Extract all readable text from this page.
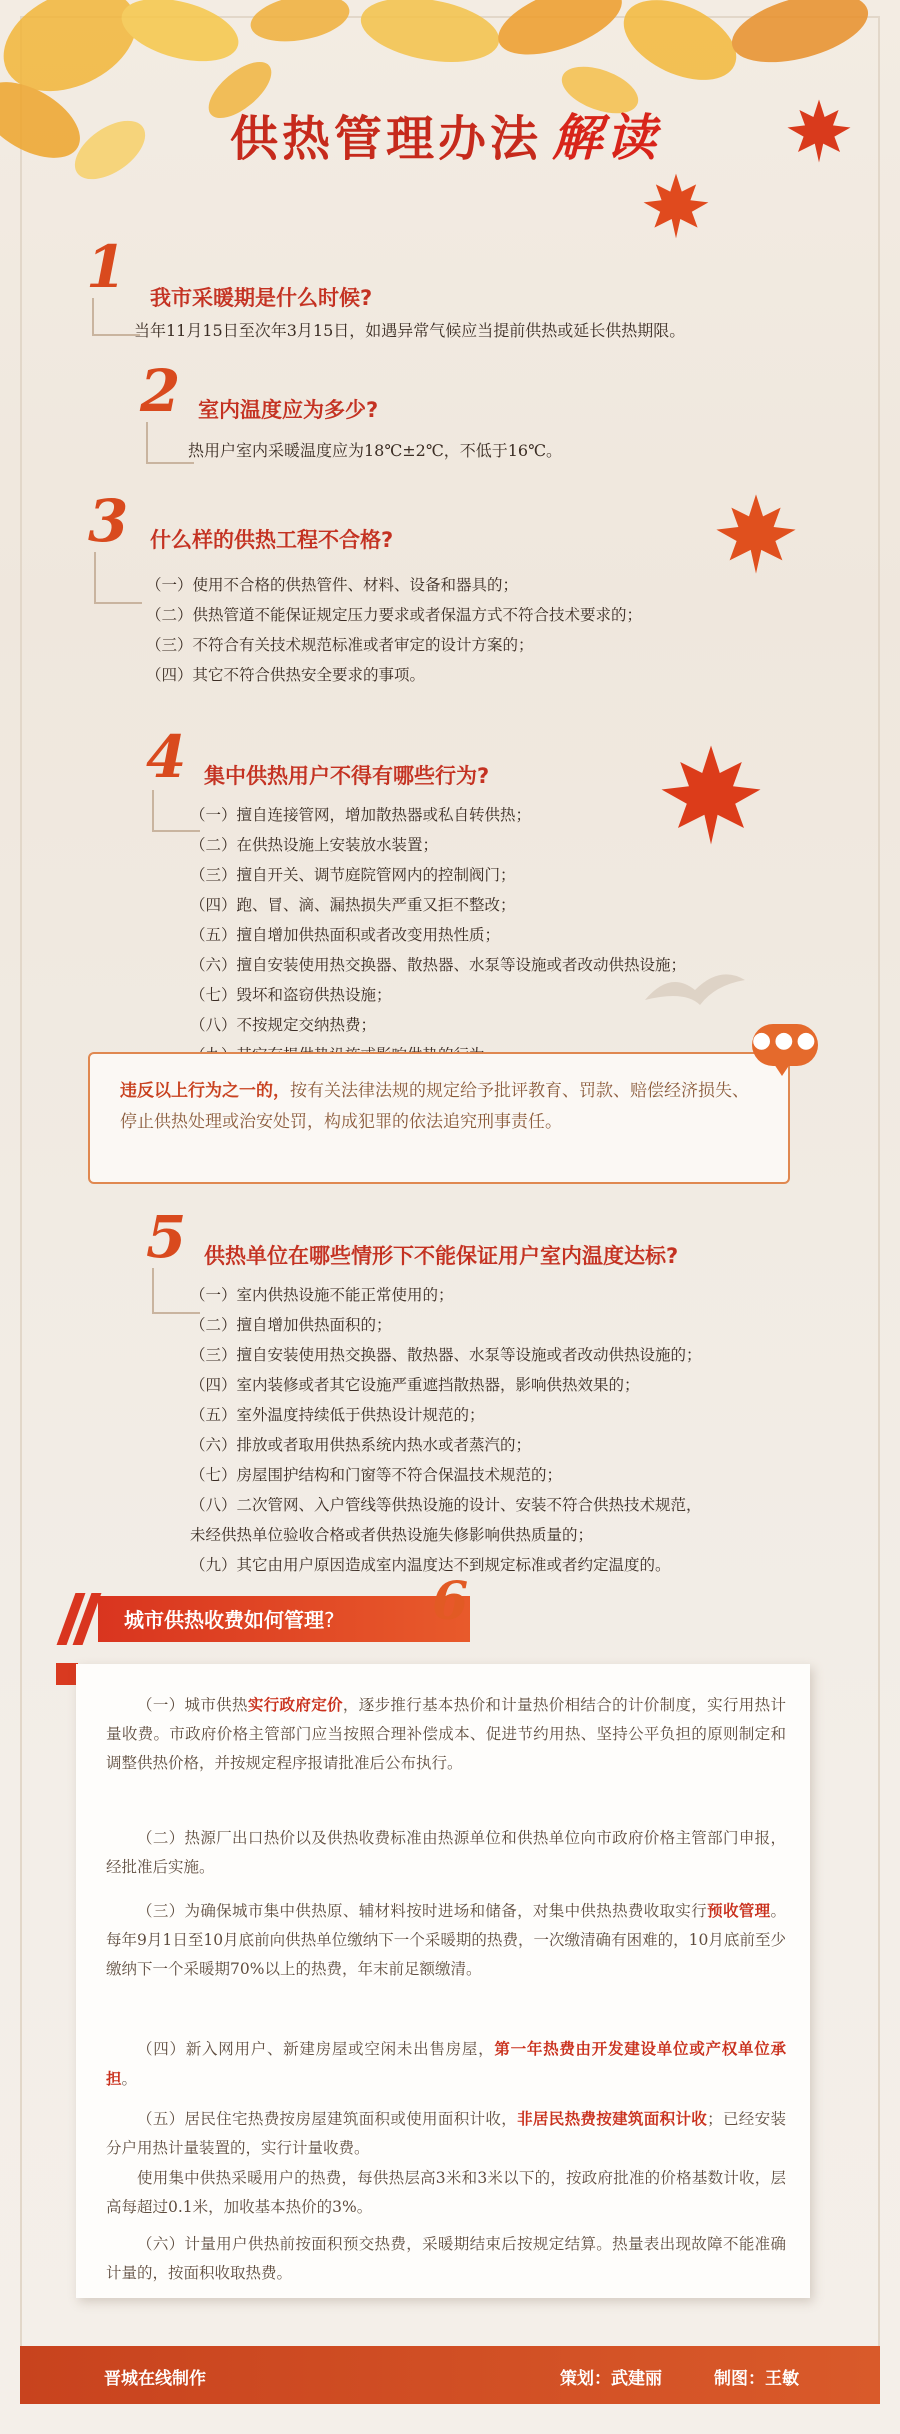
供热管理办法 解读
1 我市采暖期是什么时候?
当年11月15日至次年3月15日，如遇异常气候应当提前供热或延长供热期限。
2 室内温度应为多少?
热用户室内采暖温度应为18℃±2℃，不低于16℃。
3 什么样的供热工程不合格?
（一）使用不合格的供热管件、材料、设备和器具的；
（二）供热管道不能保证规定压力要求或者保温方式不符合技术要求的；
（三）不符合有关技术规范标准或者审定的设计方案的；
（四）其它不符合供热安全要求的事项。
4 集中供热用户不得有哪些行为?
（一）擅自连接管网，增加散热器或私自转供热；
（二）在供热设施上安装放水装置；
（三）擅自开关、调节庭院管网内的控制阀门；
（四）跑、冒、滴、漏热损失严重又拒不整改；
（五）擅自增加供热面积或者改变用热性质；
（六）擅自安装使用热交换器、散热器、水泵等设施或者改动供热设施；
（七）毁坏和盗窃供热设施；
（八）不按规定交纳热费；
违反以上行为之一的，按有关法律法规的规定给予批评教育、罚款、赔偿经济损失、停止供热处理或治安处罚，构成犯罪的依法追究刑事责任。
●●●
5 供热单位在哪些情形下不能保证用户室内温度达标?
（一）室内供热设施不能正常使用的；
（二）擅自增加供热面积的；
（三）擅自安装使用热交换器、散热器、水泵等设施或者改动供热设施的；
（四）室内装修或者其它设施严重遮挡散热器，影响供热效果的；
（五）室外温度持续低于供热设计规范的；
（六）排放或者取用供热系统内热水或者蒸汽的；
（七）房屋围护结构和门窗等不符合保温技术规范的；
（八）二次管网、入户管线等供热设施的设计、安装不符合供热技术规范，
未经供热单位验收合格或者供热设施失修影响供热质量的；
（九）其它由用户原因造成室内温度达不到规定标准或者约定温度的。
城市供热收费如何管理? 6

（一）城市供热实行政府定价，逐步推行基本热价和计量热价相结合的计价制度，实行用热计量收费。市政府价格主管部门应当按照合理补偿成本、促进节约用热、坚持公平负担的原则制定和调整供热价格，并按规定程序报请批准后公布执行。

（二）热源厂出口热价以及供热收费标准由热源单位和供热单位向市政府价格主管部门申报，经批准后实施。

（三）为确保城市集中供热原、辅材料按时进场和储备，对集中供热热费收取实行预收管理。每年9月1日至10月底前向供热单位缴纳下一个采暖期的热费，一次缴清确有困难的，10月底前至少缴纳下一个采暖期70%以上的热费，年末前足额缴清。

（四）新入网用户、新建房屋或空闲未出售房屋，第一年热费由开发建设单位或产权单位承担。

（五）居民住宅热费按房屋建筑面积或使用面积计收，非居民热费按建筑面积计收；已经安装分户用热计量装置的，实行计量收费。

使用集中供热采暖用户的热费，每供热层高3米和3米以下的，按政府批准的价格基数计收，层高每超过0.1米，加收基本热价的3%。

（六）计量用户供热前按面积预交热费，采暖期结束后按规定结算。热量表出现故障不能准确计量的，按面积收取热费。

晋城在线制作	策划：武建丽	制图：王敏
